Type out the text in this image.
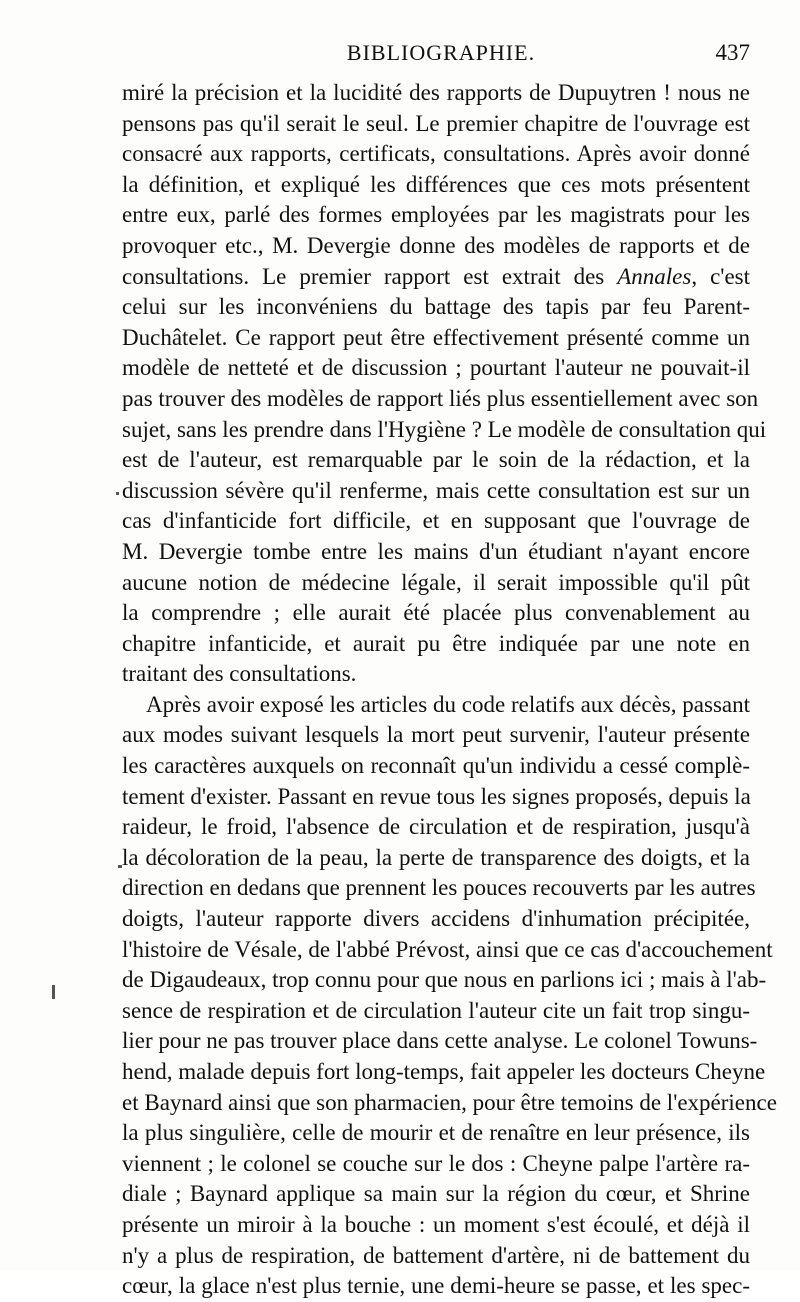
BIBLIOGRAPHIE.	437
miré la précision et la lucidité des rapports de Dupuytren ! nous ne
pensons pas qu'il serait le seul. Le premier chapitre de l'ouvrage est
consacré aux rapports, certificats, consultations. Après avoir donné
la définition, et expliqué les différences que ces mots présentent
entre eux, parlé des formes employées par les magistrats pour les
provoquer etc., M. Devergie donne des modèles de rapports et de
consultations. Le premier rapport est extrait des Annales, c'est
celui sur les inconvéniens du battage des tapis par feu Parent-
Duchâtelet. Ce rapport peut être effectivement présenté comme un
modèle de netteté et de discussion ; pourtant l'auteur ne pouvait-il
pas trouver des modèles de rapport liés plus essentiellement avec son
sujet, sans les prendre dans l'Hygiène ? Le modèle de consultation qui
est de l'auteur, est remarquable par le soin de la rédaction, et la
discussion sévère qu'il renferme, mais cette consultation est sur un
cas d'infanticide fort difficile, et en supposant que l'ouvrage de
M. Devergie tombe entre les mains d'un étudiant n'ayant encore
aucune notion de médecine légale, il serait impossible qu'il pût
la comprendre ; elle aurait été placée plus convenablement au
chapitre infanticide, et aurait pu être indiquée par une note en
traitant des consultations.
Après avoir exposé les articles du code relatifs aux décès, passant
aux modes suivant lesquels la mort peut survenir, l'auteur présente
les caractères auxquels on reconnaît qu'un individu a cessé complè-
tement d'exister. Passant en revue tous les signes proposés, depuis la
raideur, le froid, l'absence de circulation et de respiration, jusqu'à
la décoloration de la peau, la perte de transparence des doigts, et la
direction en dedans que prennent les pouces recouverts par les autres
doigts, l'auteur rapporte divers accidens d'inhumation précipitée,
l'histoire de Vésale, de l'abbé Prévost, ainsi que ce cas d'accouchement
de Digaudeaux, trop connu pour que nous en parlions ici ; mais à l'ab-
sence de respiration et de circulation l'auteur cite un fait trop singu-
lier pour ne pas trouver place dans cette analyse. Le colonel Towuns-
hend, malade depuis fort long-temps, fait appeler les docteurs Cheyne
et Baynard ainsi que son pharmacien, pour être temoins de l'expérience
la plus singulière, celle de mourir et de renaître en leur présence, ils
viennent ; le colonel se couche sur le dos : Cheyne palpe l'artère ra-
diale ; Baynard applique sa main sur la région du cœur, et Shrine
présente un miroir à la bouche : un moment s'est écoulé, et déjà il
n'y a plus de respiration, de battement d'artère, ni de battement du
cœur, la glace n'est plus ternie, une demi-heure se passe, et les spec-
